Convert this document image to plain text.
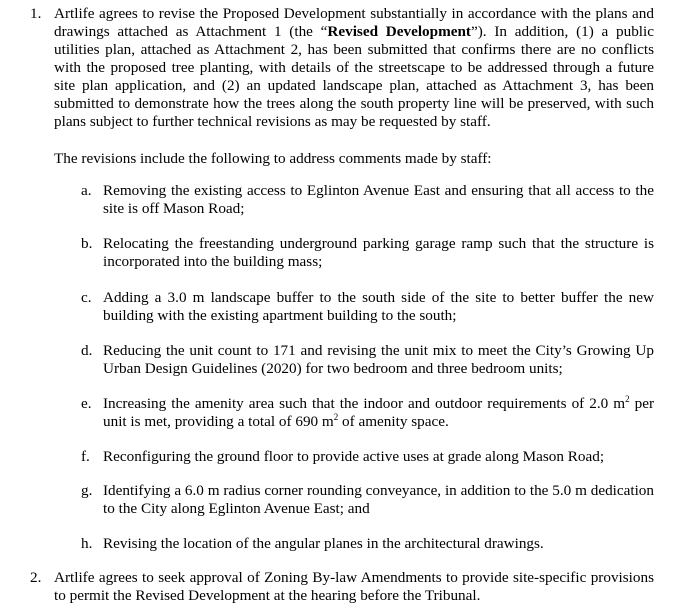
1. Artlife agrees to revise the Proposed Development substantially in accordance with the plans and drawings attached as Attachment 1 (the “Revised Development”). In addition, (1) a public utilities plan, attached as Attachment 2, has been submitted that confirms there are no conflicts with the proposed tree planting, with details of the streetscape to be addressed through a future site plan application, and (2) an updated landscape plan, attached as Attachment 3, has been submitted to demonstrate how the trees along the south property line will be preserved, with such plans subject to further technical revisions as may be requested by staff.
The revisions include the following to address comments made by staff:
a. Removing the existing access to Eglinton Avenue East and ensuring that all access to the site is off Mason Road;
b. Relocating the freestanding underground parking garage ramp such that the structure is incorporated into the building mass;
c. Adding a 3.0 m landscape buffer to the south side of the site to better buffer the new building with the existing apartment building to the south;
d. Reducing the unit count to 171 and revising the unit mix to meet the City’s Growing Up Urban Design Guidelines (2020) for two bedroom and three bedroom units;
e. Increasing the amenity area such that the indoor and outdoor requirements of 2.0 $m^2$ per unit is met, providing a total of 690 $m^2$ of amenity space.
f. Reconfiguring the ground floor to provide active uses at grade along Mason Road;
g. Identifying a 6.0 m radius corner rounding conveyance, in addition to the 5.0 m dedication to the City along Eglinton Avenue East; and
h. Revising the location of the angular planes in the architectural drawings.
2. Artlife agrees to seek approval of Zoning By-law Amendments to provide site-specific provisions to permit the Revised Development at the hearing before the Tribunal.
